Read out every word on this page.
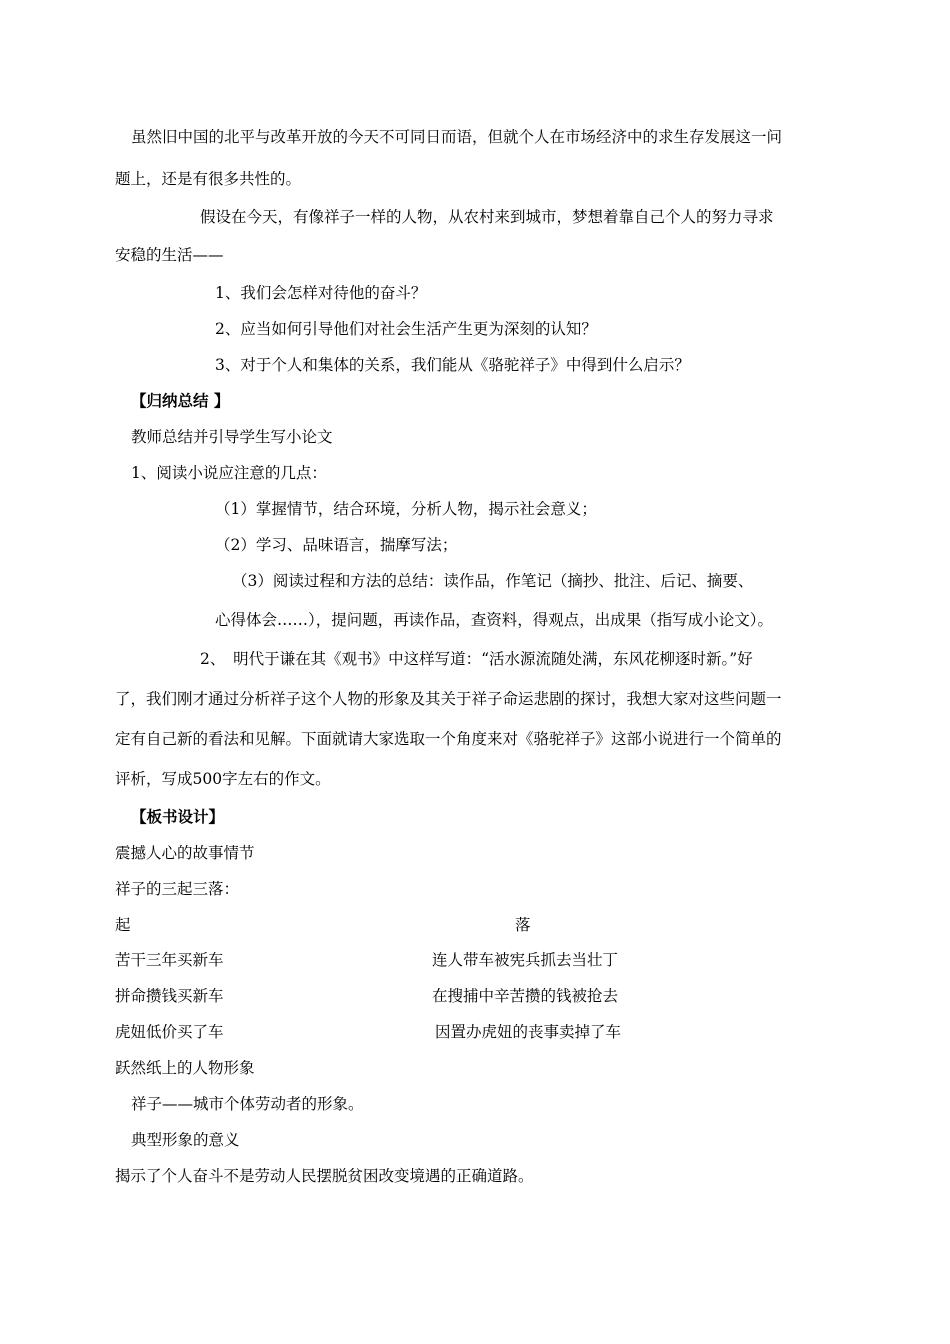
虽然旧中国的北平与改革开放的今天不可同日而语，但就个人在市场经济中的求生存发展这一问
题上，还是有很多共性的。
假设在今天，有像祥子一样的人物，从农村来到城市，梦想着靠自己个人的努力寻求
安稳的生活——
1、我们会怎样对待他的奋斗？
2、应当如何引导他们对社会生活产生更为深刻的认知？
3、对于个人和集体的关系，我们能从《骆驼祥子》中得到什么启示？
【归纳总结 】
教师总结并引导学生写小论文
1、阅读小说应注意的几点：
（1）掌握情节，结合环境，分析人物，揭示社会意义；
（2）学习、品味语言，揣摩写法；
（3）阅读过程和方法的总结：读作品，作笔记（摘抄、批注、后记、摘要、
心得体会……），提问题，再读作品，查资料，得观点，出成果（指写成小论文）。
2、　明代于谦在其《观书》中这样写道：“活水源流随处满，东风花柳逐时新。”好
了，我们刚才通过分析祥子这个人物的形象及其关于祥子命运悲剧的探讨，我想大家对这些问题一
定有自己新的看法和见解。下面就请大家选取一个角度来对《骆驼祥子》这部小说进行一个简单的
评析，写成500字左右的作文。
【板书设计】
震撼人心的故事情节
祥子的三起三落：
起	落
苦干三年买新车	连人带车被宪兵抓去当壮丁
拼命攒钱买新车	在搜捕中辛苦攒的钱被抢去
虎妞低价买了车	因置办虎妞的丧事卖掉了车
跃然纸上的人物形象
祥子——城市个体劳动者的形象。
典型形象的意义
揭示了个人奋斗不是劳动人民摆脱贫困改变境遇的正确道路。
